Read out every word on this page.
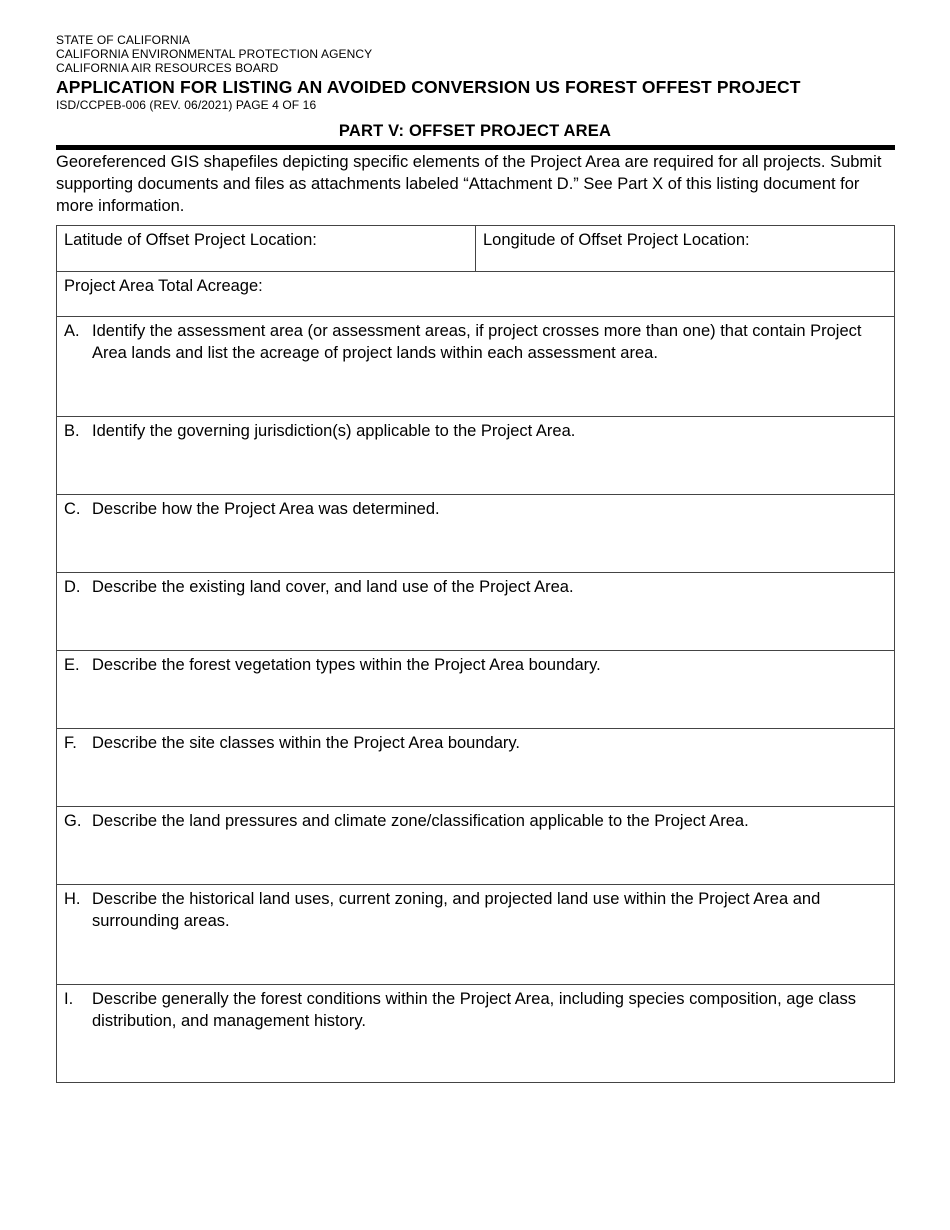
STATE OF CALIFORNIA
CALIFORNIA ENVIRONMENTAL PROTECTION AGENCY
CALIFORNIA AIR RESOURCES BOARD
APPLICATION FOR LISTING AN AVOIDED CONVERSION US FOREST OFFEST PROJECT
ISD/CCPEB-006 (REV. 06/2021) PAGE 4 OF 16
PART V: OFFSET PROJECT AREA
Georeferenced GIS shapefiles depicting specific elements of the Project Area are required for all projects. Submit supporting documents and files as attachments labeled “Attachment D.” See Part X of this listing document for more information.
Latitude of Offset Project Location:	Longitude of Offset Project Location:
Project Area Total Acreage:
A. Identify the assessment area (or assessment areas, if project crosses more than one) that contain Project Area lands and list the acreage of project lands within each assessment area.
B. Identify the governing jurisdiction(s) applicable to the Project Area.
C. Describe how the Project Area was determined.
D. Describe the existing land cover, and land use of the Project Area.
E. Describe the forest vegetation types within the Project Area boundary.
F. Describe the site classes within the Project Area boundary.
G. Describe the land pressures and climate zone/classification applicable to the Project Area.
H. Describe the historical land uses, current zoning, and projected land use within the Project Area and surrounding areas.
I. Describe generally the forest conditions within the Project Area, including species composition, age class distribution, and management history.
